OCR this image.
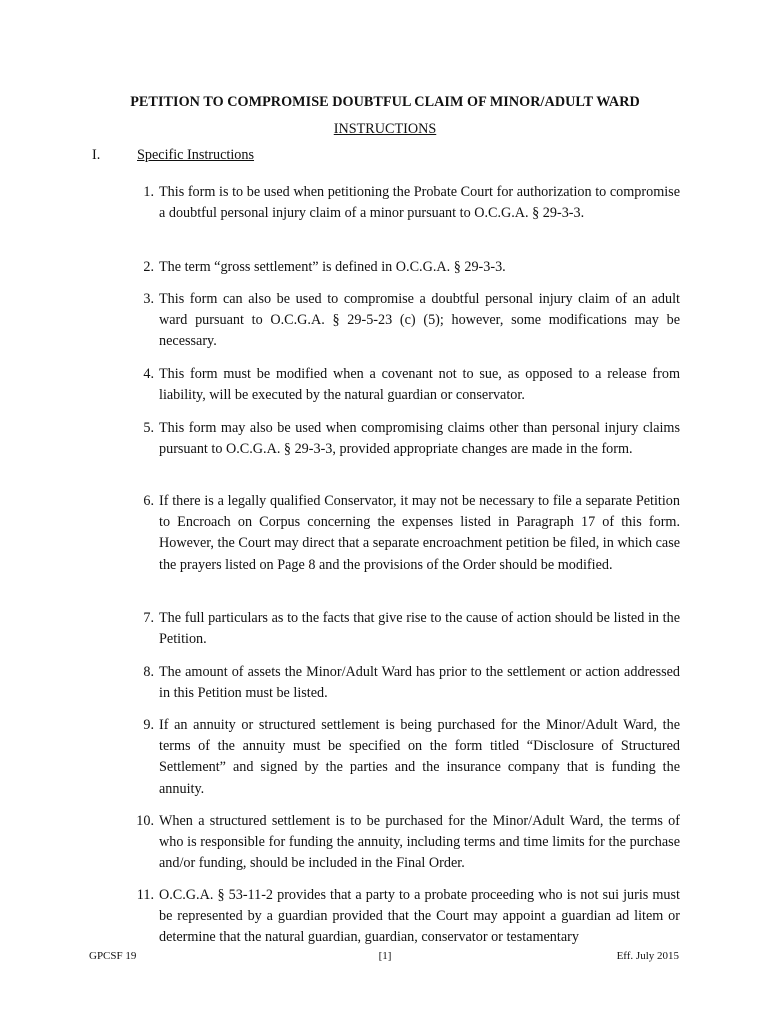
PETITION TO COMPROMISE DOUBTFUL CLAIM OF MINOR/ADULT WARD
INSTRUCTIONS
I.	Specific Instructions
1. This form is to be used when petitioning the Probate Court for authorization to compromise a doubtful personal injury claim of a minor pursuant to O.C.G.A. § 29-3-3.
2. The term “gross settlement” is defined in O.C.G.A. § 29-3-3.
3. This form can also be used to compromise a doubtful personal injury claim of an adult ward pursuant to O.C.G.A. § 29-5-23 (c) (5); however, some modifications may be necessary.
4. This form must be modified when a covenant not to sue, as opposed to a release from liability, will be executed by the natural guardian or conservator.
5. This form may also be used when compromising claims other than personal injury claims pursuant to O.C.G.A. § 29-3-3, provided appropriate changes are made in the form.
6. If there is a legally qualified Conservator, it may not be necessary to file a separate Petition to Encroach on Corpus concerning the expenses listed in Paragraph 17 of this form. However, the Court may direct that a separate encroachment petition be filed, in which case the prayers listed on Page 8 and the provisions of the Order should be modified.
7. The full particulars as to the facts that give rise to the cause of action should be listed in the Petition.
8. The amount of assets the Minor/Adult Ward has prior to the settlement or action addressed in this Petition must be listed.
9. If an annuity or structured settlement is being purchased for the Minor/Adult Ward, the terms of the annuity must be specified on the form titled “Disclosure of Structured Settlement” and signed by the parties and the insurance company that is funding the annuity.
10. When a structured settlement is to be purchased for the Minor/Adult Ward, the terms of who is responsible for funding the annuity, including terms and time limits for the purchase and/or funding, should be included in the Final Order.
11. O.C.G.A. § 53-11-2 provides that a party to a probate proceeding who is not sui juris must be represented by a guardian provided that the Court may appoint a guardian ad litem or determine that the natural guardian, guardian, conservator or testamentary
GPCSF 19	[1]	Eff. July 2015
